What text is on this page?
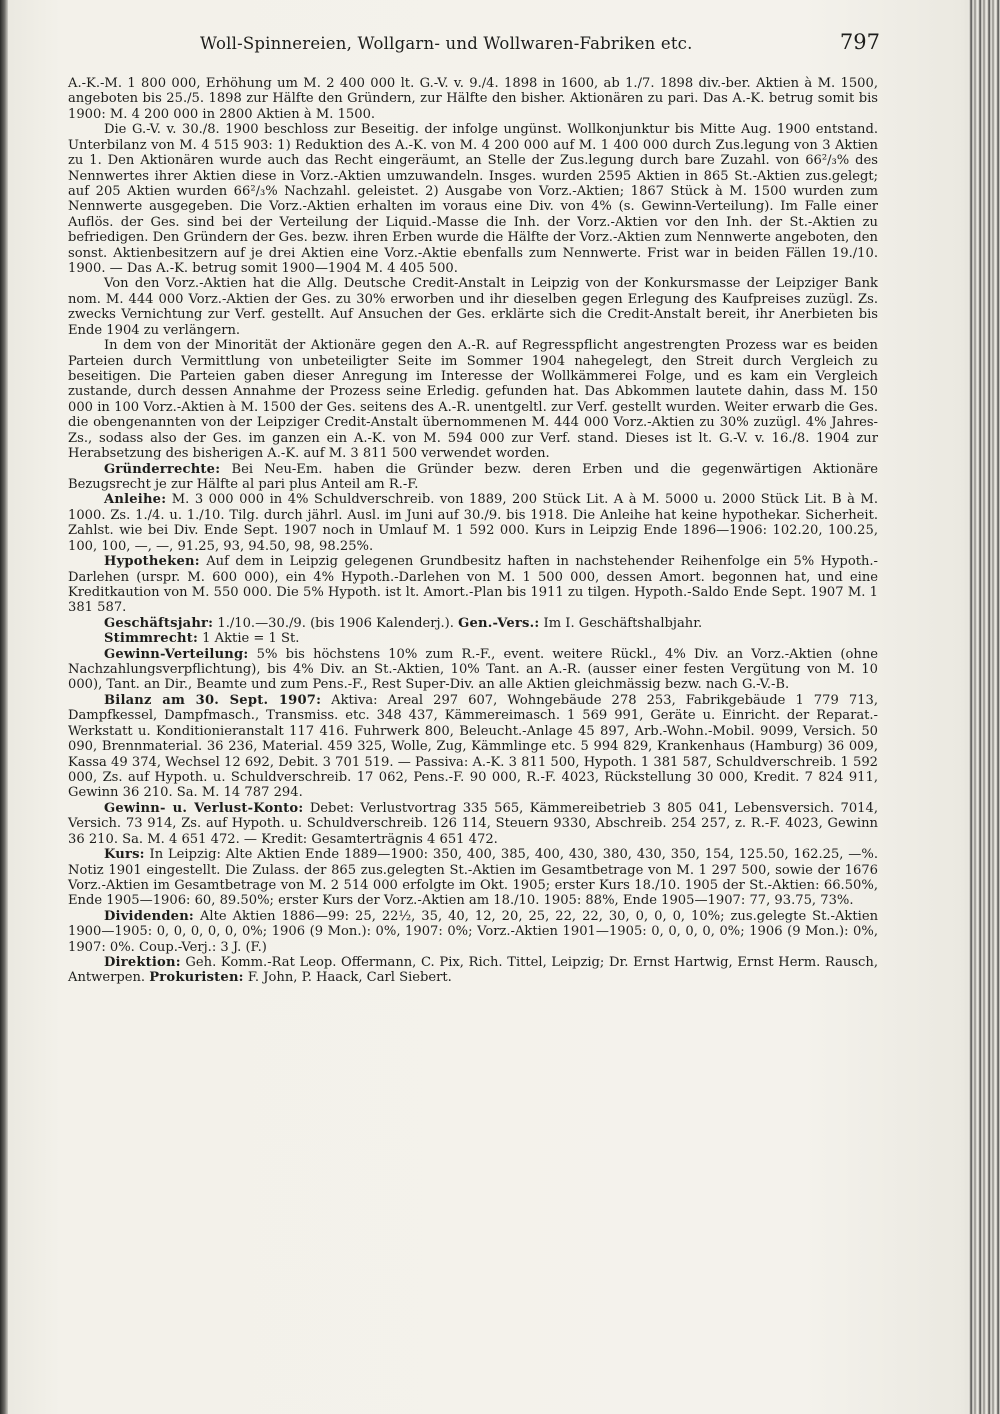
Woll-Spinnereien, Wollgarn- und Wollwaren-Fabriken etc.	797

A.-K.-M. 1 800 000, Erhöhung um M. 2 400 000 lt. G.-V. v. 9./4. 1898 in 1600, ab 1./7. 1898 div.-ber. Aktien à M. 1500, angeboten bis 25./5. 1898 zur Hälfte den Gründern, zur Hälfte den bisher. Aktionären zu pari. Das A.-K. betrug somit bis 1900: M. 4 200 000 in 2800 Aktien à M. 1500.

Die G.-V. v. 30./8. 1900 beschloss zur Beseitig. der infolge ungünst. Wollkonjunktur bis Mitte Aug. 1900 entstand. Unterbilanz von M. 4 515 903: 1) Reduktion des A.-K. von M. 4 200 000 auf M. 1 400 000 durch Zus.legung von 3 Aktien zu 1. Den Aktionären wurde auch das Recht eingeräumt, an Stelle der Zus.legung durch bare Zuzahl. von 66²/₃% des Nennwertes ihrer Aktien diese in Vorz.-Aktien umzuwandeln. Insges. wurden 2595 Aktien in 865 St.-Aktien zus.gelegt; auf 205 Aktien wurden 66²/₃% Nachzahl. geleistet. 2) Ausgabe von Vorz.-Aktien; 1867 Stück à M. 1500 wurden zum Nennwerte ausgegeben. Die Vorz.-Aktien erhalten im voraus eine Div. von 4% (s. Gewinn-Verteilung). Im Falle einer Auflös. der Ges. sind bei der Verteilung der Liquid.-Masse die Inh. der Vorz.-Aktien vor den Inh. der St.-Aktien zu befriedigen. Den Gründern der Ges. bezw. ihren Erben wurde die Hälfte der Vorz.-Aktien zum Nennwerte angeboten, den sonst. Aktienbesitzern auf je drei Aktien eine Vorz.-Aktie ebenfalls zum Nennwerte. Frist war in beiden Fällen 19./10. 1900. — Das A.-K. betrug somit 1900—1904 M. 4 405 500.

Von den Vorz.-Aktien hat die Allg. Deutsche Credit-Anstalt in Leipzig von der Konkursmasse der Leipziger Bank nom. M. 444 000 Vorz.-Aktien der Ges. zu 30% erworben und ihr dieselben gegen Erlegung des Kaufpreises zuzügl. Zs. zwecks Vernichtung zur Verf. gestellt. Auf Ansuchen der Ges. erklärte sich die Credit-Anstalt bereit, ihr Anerbieten bis Ende 1904 zu verlängern.

In dem von der Minorität der Aktionäre gegen den A.-R. auf Regresspflicht angestrengten Prozess war es beiden Parteien durch Vermittlung von unbeteiligter Seite im Sommer 1904 nahegelegt, den Streit durch Vergleich zu beseitigen. Die Parteien gaben dieser Anregung im Interesse der Wollkämmerei Folge, und es kam ein Vergleich zustande, durch dessen Annahme der Prozess seine Erledig. gefunden hat. Das Abkommen lautete dahin, dass M. 150 000 in 100 Vorz.-Aktien à M. 1500 der Ges. seitens des A.-R. unentgeltl. zur Verf. gestellt wurden. Weiter erwarb die Ges. die obengenannten von der Leipziger Credit-Anstalt übernommenen M. 444 000 Vorz.-Aktien zu 30% zuzügl. 4% Jahres-Zs., sodass also der Ges. im ganzen ein A.-K. von M. 594 000 zur Verf. stand. Dieses ist lt. G.-V. v. 16./8. 1904 zur Herabsetzung des bisherigen A.-K. auf M. 3 811 500 verwendet worden.

Gründerrechte: Bei Neu-Em. haben die Gründer bezw. deren Erben und die gegenwärtigen Aktionäre Bezugsrecht je zur Hälfte al pari plus Anteil am R.-F.

Anleihe: M. 3 000 000 in 4% Schuldverschreib. von 1889, 200 Stück Lit. A à M. 5000 u. 2000 Stück Lit. B à M. 1000. Zs. 1./4. u. 1./10. Tilg. durch jährl. Ausl. im Juni auf 30./9. bis 1918. Die Anleihe hat keine hypothekar. Sicherheit. Zahlst. wie bei Div. Ende Sept. 1907 noch in Umlauf M. 1 592 000. Kurs in Leipzig Ende 1896—1906: 102.20, 100.25, 100, 100, —, —, 91.25, 93, 94.50, 98, 98.25%.

Hypotheken: Auf dem in Leipzig gelegenen Grundbesitz haften in nachstehender Reihenfolge ein 5% Hypoth.-Darlehen (urspr. M. 600 000), ein 4% Hypoth.-Darlehen von M. 1 500 000, dessen Amort. begonnen hat, und eine Kreditkaution von M. 550 000. Die 5% Hypoth. ist lt. Amort.-Plan bis 1911 zu tilgen. Hypoth.-Saldo Ende Sept. 1907 M. 1 381 587.

Geschäftsjahr: 1./10.—30./9. (bis 1906 Kalenderj.). Gen.-Vers.: Im I. Geschäftshalbjahr.

Stimmrecht: 1 Aktie = 1 St.

Gewinn-Verteilung: 5% bis höchstens 10% zum R.-F., event. weitere Rückl., 4% Div. an Vorz.-Aktien (ohne Nachzahlungsverpflichtung), bis 4% Div. an St.-Aktien, 10% Tant. an A.-R. (ausser einer festen Vergütung von M. 10 000), Tant. an Dir., Beamte und zum Pens.-F., Rest Super-Div. an alle Aktien gleichmässig bezw. nach G.-V.-B.

Bilanz am 30. Sept. 1907: Aktiva: Areal 297 607, Wohngebäude 278 253, Fabrikgebäude 1 779 713, Dampfkessel, Dampfmasch., Transmiss. etc. 348 437, Kämmereimasch. 1 569 991, Geräte u. Einricht. der Reparat.-Werkstatt u. Konditionieranstalt 117 416. Fuhrwerk 800, Beleucht.-Anlage 45 897, Arb.-Wohn.-Mobil. 9099, Versich. 50 090, Brennmaterial. 36 236, Material. 459 325, Wolle, Zug, Kämmlinge etc. 5 994 829, Krankenhaus (Hamburg) 36 009, Kassa 49 374, Wechsel 12 692, Debit. 3 701 519. — Passiva: A.-K. 3 811 500, Hypoth. 1 381 587, Schuldverschreib. 1 592 000, Zs. auf Hypoth. u. Schuldverschreib. 17 062, Pens.-F. 90 000, R.-F. 4023, Rückstellung 30 000, Kredit. 7 824 911, Gewinn 36 210. Sa. M. 14 787 294.

Gewinn- u. Verlust-Konto: Debet: Verlustvortrag 335 565, Kämmereibetrieb 3 805 041, Lebensversich. 7014, Versich. 73 914, Zs. auf Hypoth. u. Schuldverschreib. 126 114, Steuern 9330, Abschreib. 254 257, z. R.-F. 4023, Gewinn 36 210. Sa. M. 4 651 472. — Kredit: Gesamterträgnis 4 651 472.

Kurs: In Leipzig: Alte Aktien Ende 1889—1900: 350, 400, 385, 400, 430, 380, 430, 350, 154, 125.50, 162.25, —%. Notiz 1901 eingestellt. Die Zulass. der 865 zus.gelegten St.-Aktien im Gesamtbetrage von M. 1 297 500, sowie der 1676 Vorz.-Aktien im Gesamtbetrage von M. 2 514 000 erfolgte im Okt. 1905; erster Kurs 18./10. 1905 der St.-Aktien: 66.50%, Ende 1905—1906: 60, 89.50%; erster Kurs der Vorz.-Aktien am 18./10. 1905: 88%, Ende 1905—1907: 77, 93.75, 73%.

Dividenden: Alte Aktien 1886—99: 25, 22½, 35, 40, 12, 20, 25, 22, 22, 30, 0, 0, 0, 10%; zus.gelegte St.-Aktien 1900—1905: 0, 0, 0, 0, 0, 0%; 1906 (9 Mon.): 0%, 1907: 0%; Vorz.-Aktien 1901—1905: 0, 0, 0, 0, 0%; 1906 (9 Mon.): 0%, 1907: 0%. Coup.-Verj.: 3 J. (F.)

Direktion: Geh. Komm.-Rat Leop. Offermann, C. Pix, Rich. Tittel, Leipzig; Dr. Ernst Hartwig, Ernst Herm. Rausch, Antwerpen. Prokuristen: F. John, P. Haack, Carl Siebert.
